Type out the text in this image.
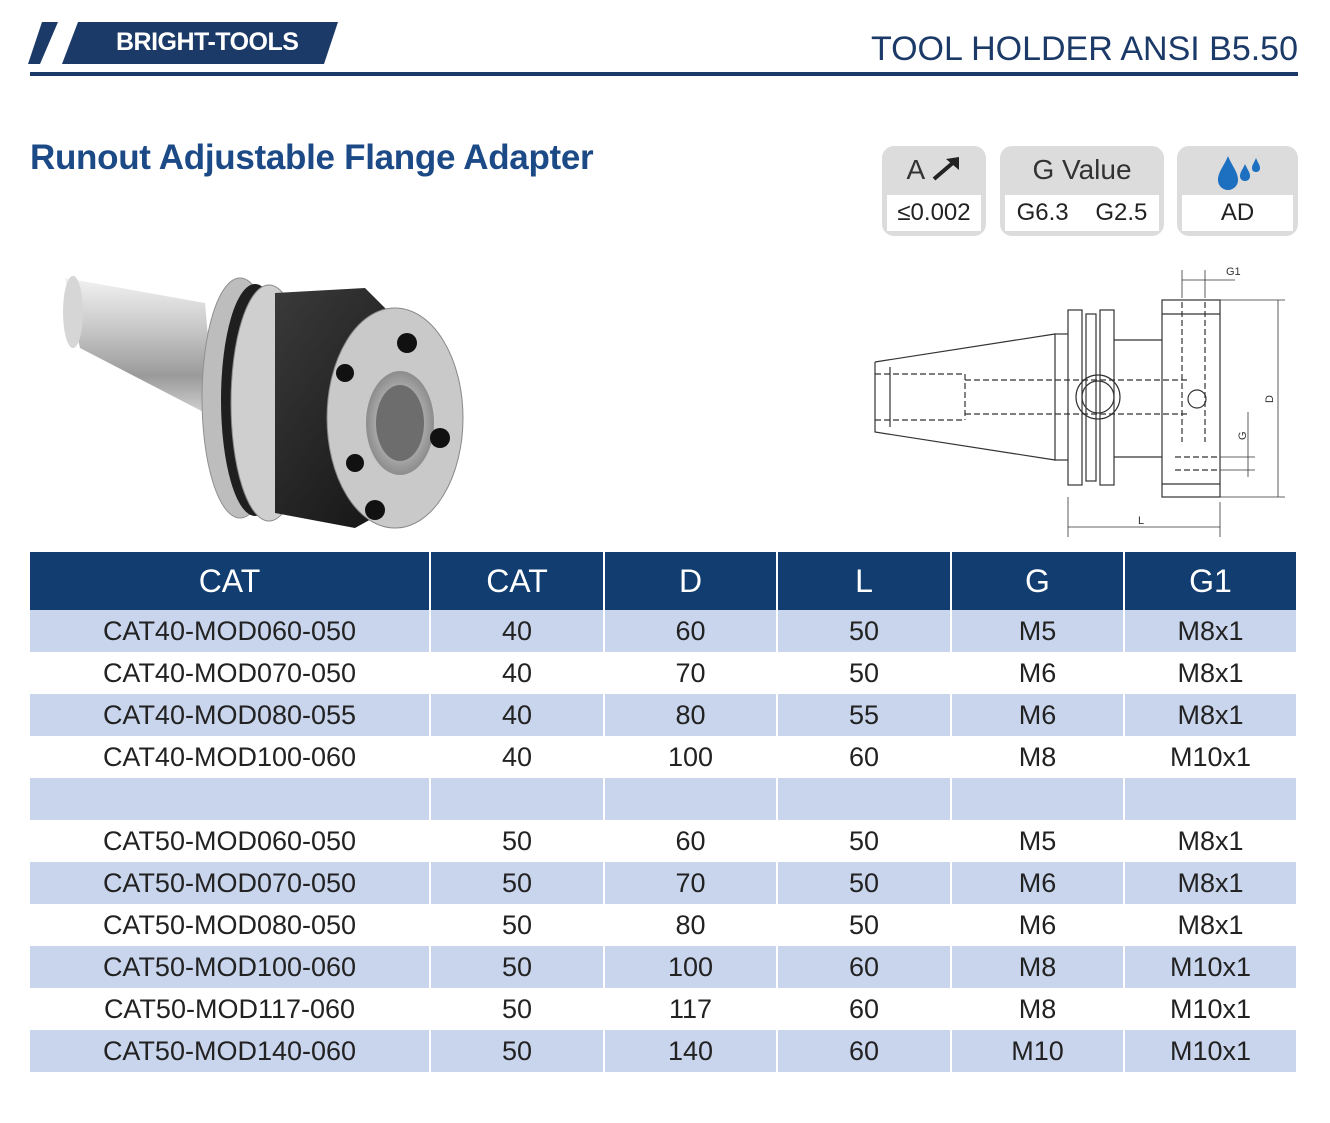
BRIGHT-TOOLS	TOOL HOLDER ANSI B5.50
Runout Adjustable Flange Adapter	A
≤0.002
G Value
G6.3 G2.5	AD
G1
D
G
L
CAT	CAT	D	L	G	G1
CAT40-MOD060-050	40	60	50	M5	M8x1
CAT40-MOD070-050	40	70	50	M6	M8x1
CAT40-MOD080-055	40	80	55	M6	M8x1
CAT40-MOD100-060	40	100	60	M8	M10x1

CAT50-MOD060-050	50	60	50	M5	M8x1
CAT50-MOD070-050	50	70	50	M6	M8x1
CAT50-MOD080-050	50	80	50	M6	M8x1
CAT50-MOD100-060	50	100	60	M8	M10x1
CAT50-MOD117-060	50	117	60	M8	M10x1
CAT50-MOD140-060	50	140	60	M10	M10x1
